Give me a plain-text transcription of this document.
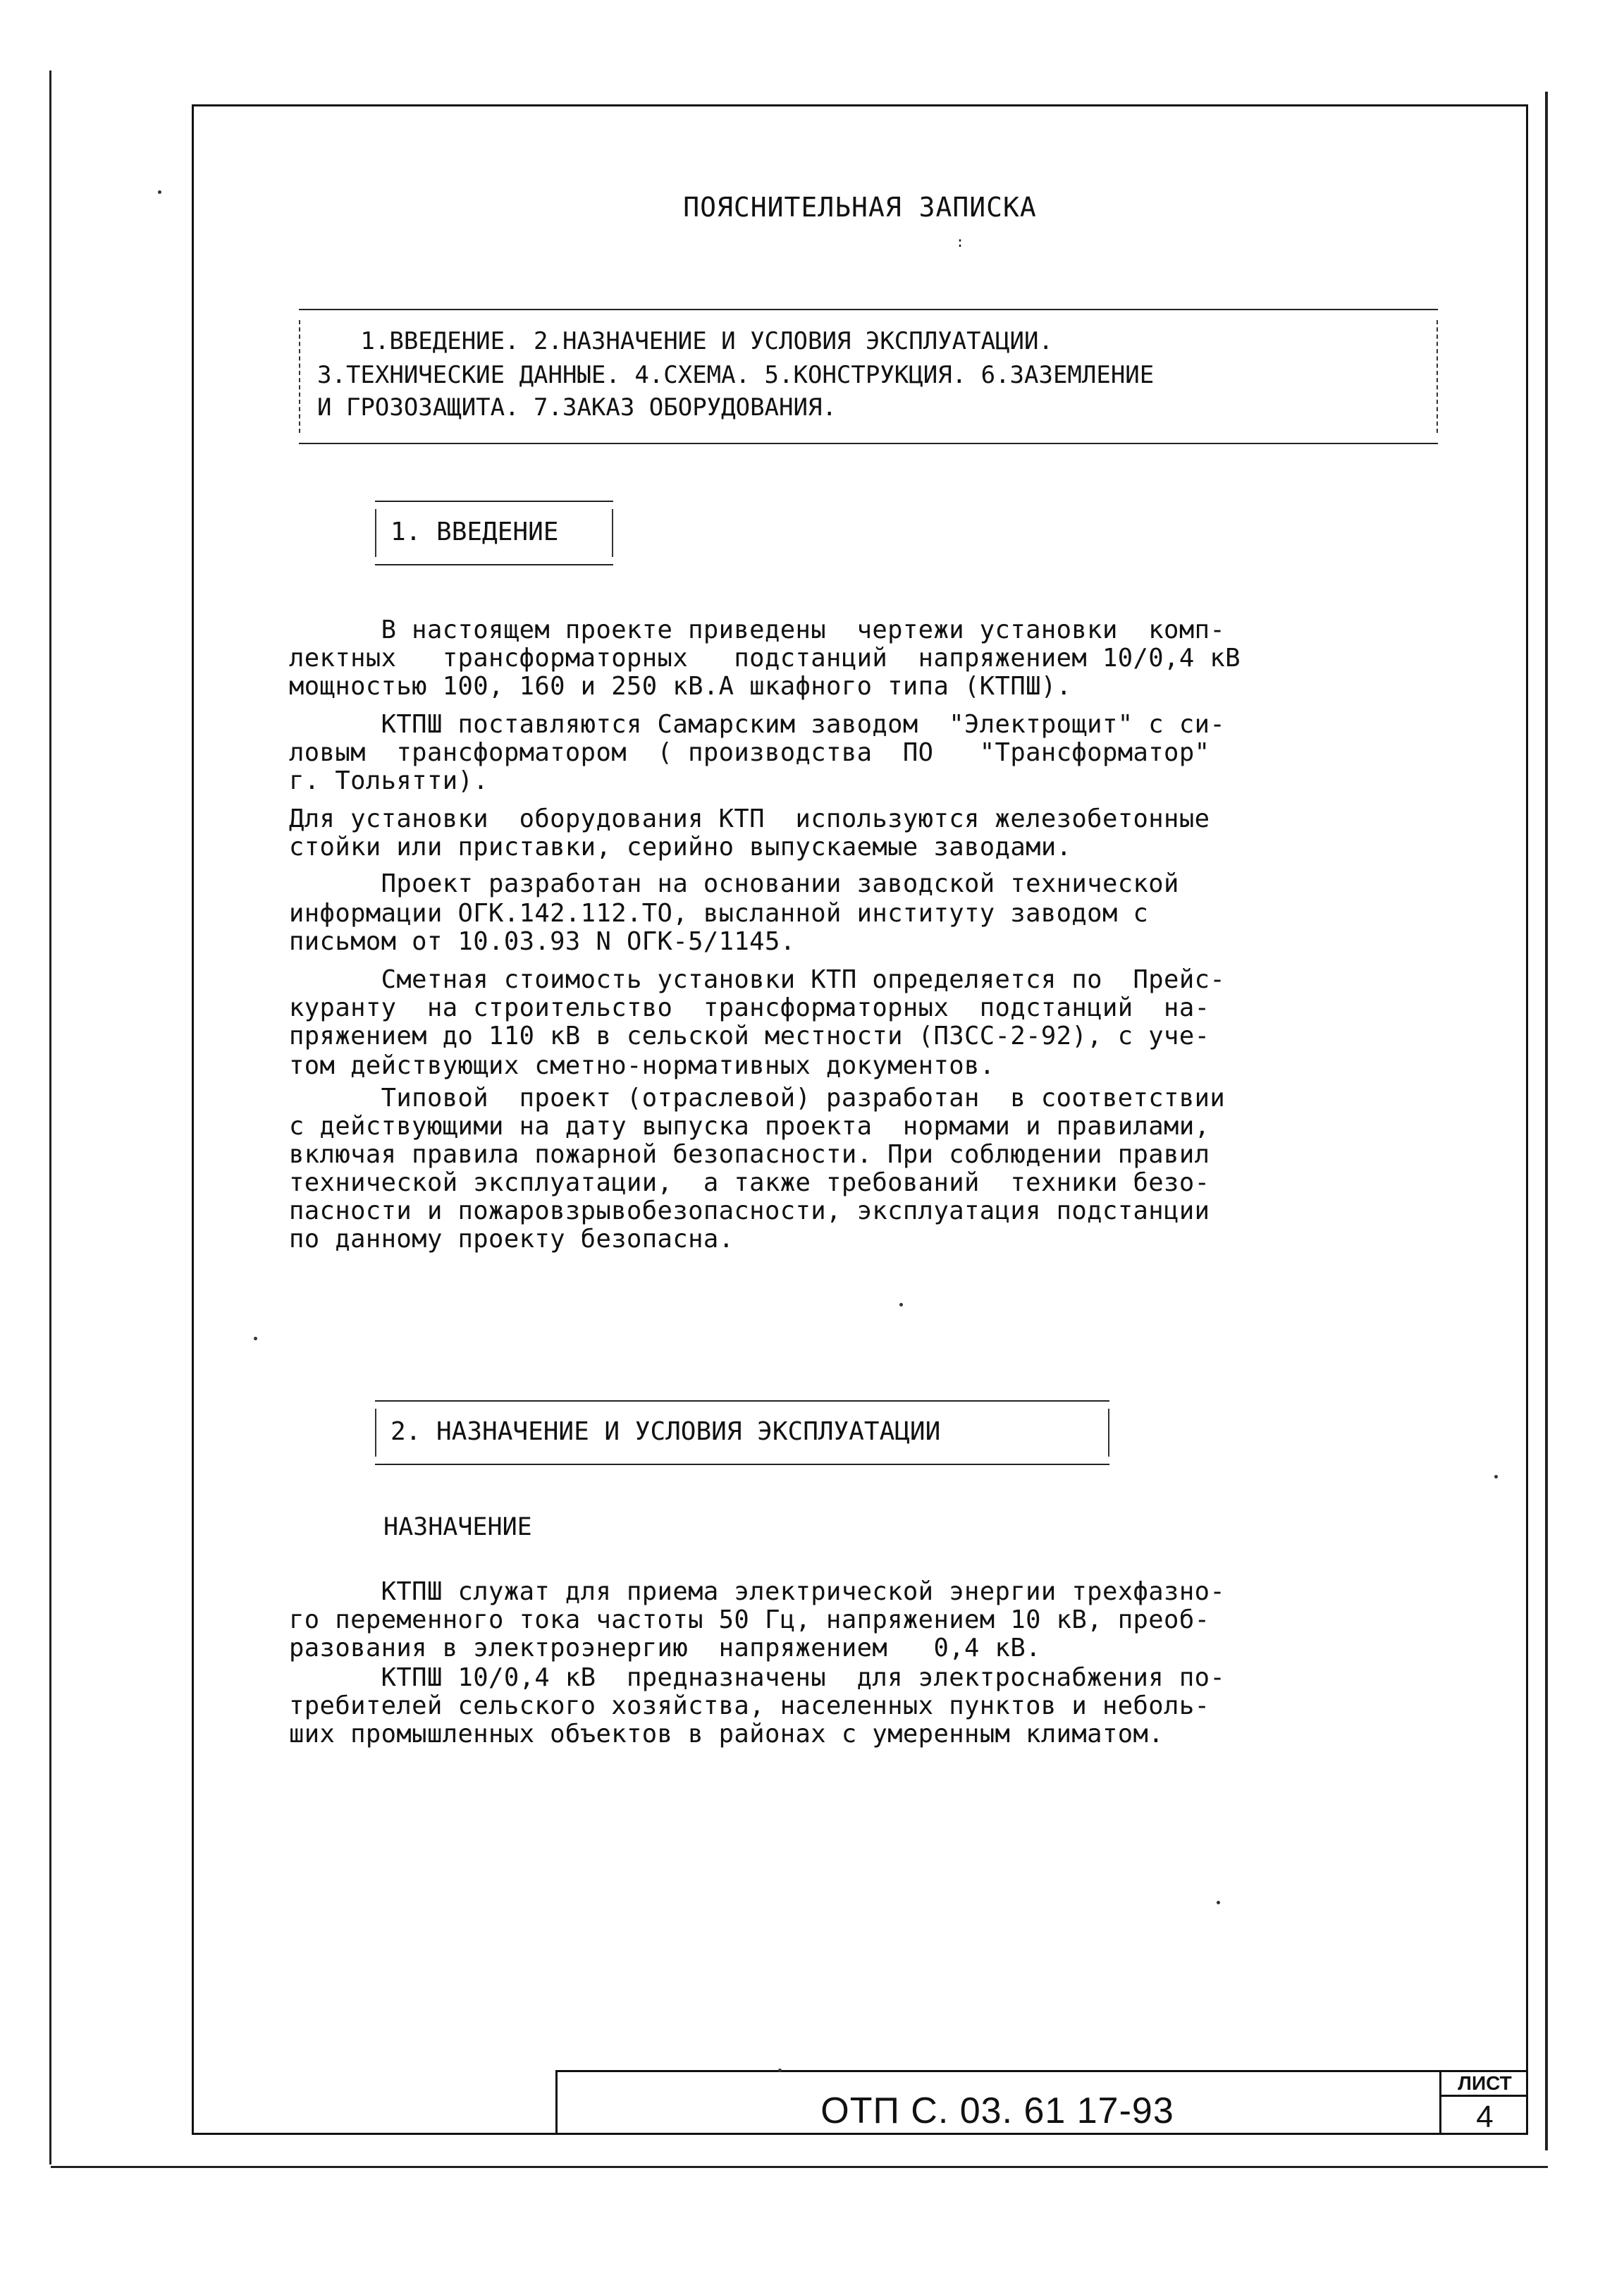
ПОЯСНИТЕЛЬНАЯ ЗАПИСКА
:
1.ВВЕДЕНИЕ. 2.НАЗНАЧЕНИЕ И УСЛОВИЯ ЭКСПЛУАТАЦИИ.
3.ТЕХНИЧЕСКИЕ ДАННЫЕ. 4.СХЕМА. 5.КОНСТРУКЦИЯ. 6.ЗАЗЕМЛЕНИЕ
И ГРОЗОЗАЩИТА. 7.ЗАКАЗ ОБОРУДОВАНИЯ.
1. ВВЕДЕНИЕ
В настоящем проекте приведены  чертежи установки  комп-
лектных   трансформаторных   подстанций  напряжением 10/0,4 кВ
мощностью 100, 160 и 250 кВ.А шкафного типа (КТПШ).
КТПШ поставляются Самарским заводом  "Электрощит" с си-
ловым  трансформатором  ( производства  ПО   "Трансформатор"
г. Тольятти).
Для установки  оборудования КТП  используются железобетонные
стойки или приставки, серийно выпускаемые заводами.
Проект разработан на основании заводской технической
информации ОГК.142.112.ТО, высланной институту заводом с
письмом от 10.03.93 N ОГК-5/1145.
Сметная стоимость установки КТП определяется по  Прейс-
куранту  на строительство  трансформаторных  подстанций  на-
пряжением до 110 кВ в сельской местности (ПЗСС-2-92), с уче-
том действующих сметно-нормативных документов.
Типовой  проект (отраслевой) разработан  в соответствии
с действующими на дату выпуска проекта  нормами и правилами,
включая правила пожарной безопасности. При соблюдении правил
технической эксплуатации,  а также требований  техники безо-
пасности и пожаровзрывобезопасности, эксплуатация подстанции
по данному проекту безопасна.
2. НАЗНАЧЕНИЕ И УСЛОВИЯ ЭКСПЛУАТАЦИИ
НАЗНАЧЕНИЕ
КТПШ служат для приема электрической энергии трехфазно-
го переменного тока частоты 50 Гц, напряжением 10 кВ, преоб-
разования в электроэнергию  напряжением   0,4 кВ.
КТПШ 10/0,4 кВ  предназначены  для электроснабжения по-
требителей сельского хозяйства, населенных пунктов и неболь-
ших промышленных объектов в районах с умеренным климатом.
ОТП С. 03. 61 17-93
ЛИСТ
4
